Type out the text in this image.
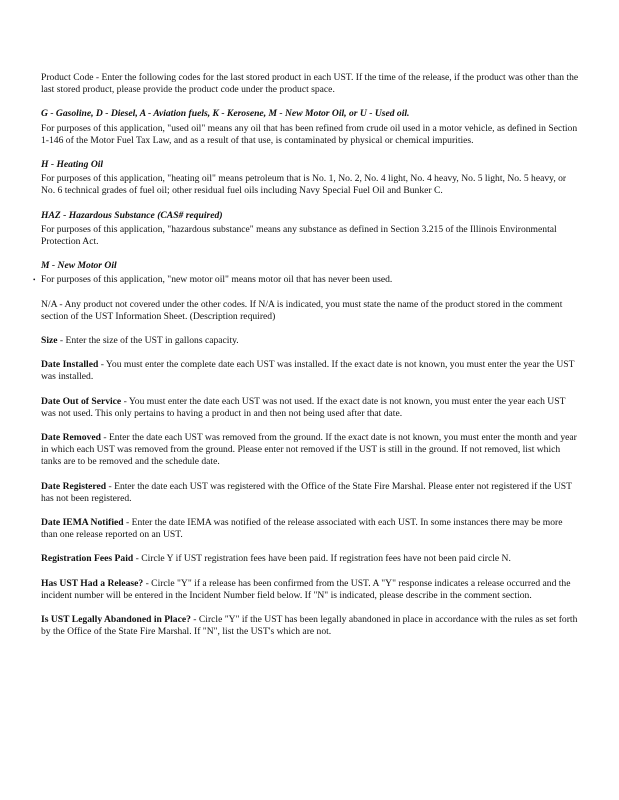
Product Code - Enter the following codes for the last stored product in each UST. If the time of the release, if the product was other than the last stored product, please provide the product code under the product space.

G - Gasoline, D - Diesel, A - Aviation fuels, K - Kerosene, M - New Motor Oil, or U - Used oil.

For purposes of this application, "used oil" means any oil that has been refined from crude oil used in a motor vehicle, as defined in Section 1-146 of the Motor Fuel Tax Law, and as a result of that use, is contaminated by physical or chemical impurities.

H - Heating Oil

For purposes of this application, "heating oil" means petroleum that is No. 1, No. 2, No. 4 light, No. 4 heavy, No. 5 light, No. 5 heavy, or No. 6 technical grades of fuel oil; other residual fuel oils including Navy Special Fuel Oil and Bunker C.

HAZ - Hazardous Substance (CAS# required)

For purposes of this application, "hazardous substance" means any substance as defined in Section 3.215 of the Illinois Environmental Protection Act.

M - New Motor Oil

• For purposes of this application, "new motor oil" means motor oil that has never been used.

N/A - Any product not covered under the other codes. If N/A is indicated, you must state the name of the product stored in the comment section of the UST Information Sheet. (Description required)

Size - Enter the size of the UST in gallons capacity.

Date Installed - You must enter the complete date each UST was installed. If the exact date is not known, you must enter the year the UST was installed.

Date Out of Service - You must enter the date each UST was not used. If the exact date is not known, you must enter the year each UST was not used. This only pertains to having a product in and then not being used after that date.

Date Removed - Enter the date each UST was removed from the ground. If the exact date is not known, you must enter the month and year in which each UST was removed from the ground. Please enter not removed if the UST is still in the ground. If not removed, list which tanks are to be removed and the schedule date.

Date Registered - Enter the date each UST was registered with the Office of the State Fire Marshal. Please enter not registered if the UST has not been registered.

Date IEMA Notified - Enter the date IEMA was notified of the release associated with each UST. In some instances there may be more than one release reported on an UST.

Registration Fees Paid - Circle Y if UST registration fees have been paid. If registration fees have not been paid circle N.

Has UST Had a Release? - Circle "Y" if a release has been confirmed from the UST. A "Y" response indicates a release occurred and the incident number will be entered in the Incident Number field below. If "N" is indicated, please describe in the comment section.

Is UST Legally Abandoned in Place? - Circle "Y" if the UST has been legally abandoned in place in accordance with the rules as set forth by the Office of the State Fire Marshal. If "N", list the UST's which are not.
